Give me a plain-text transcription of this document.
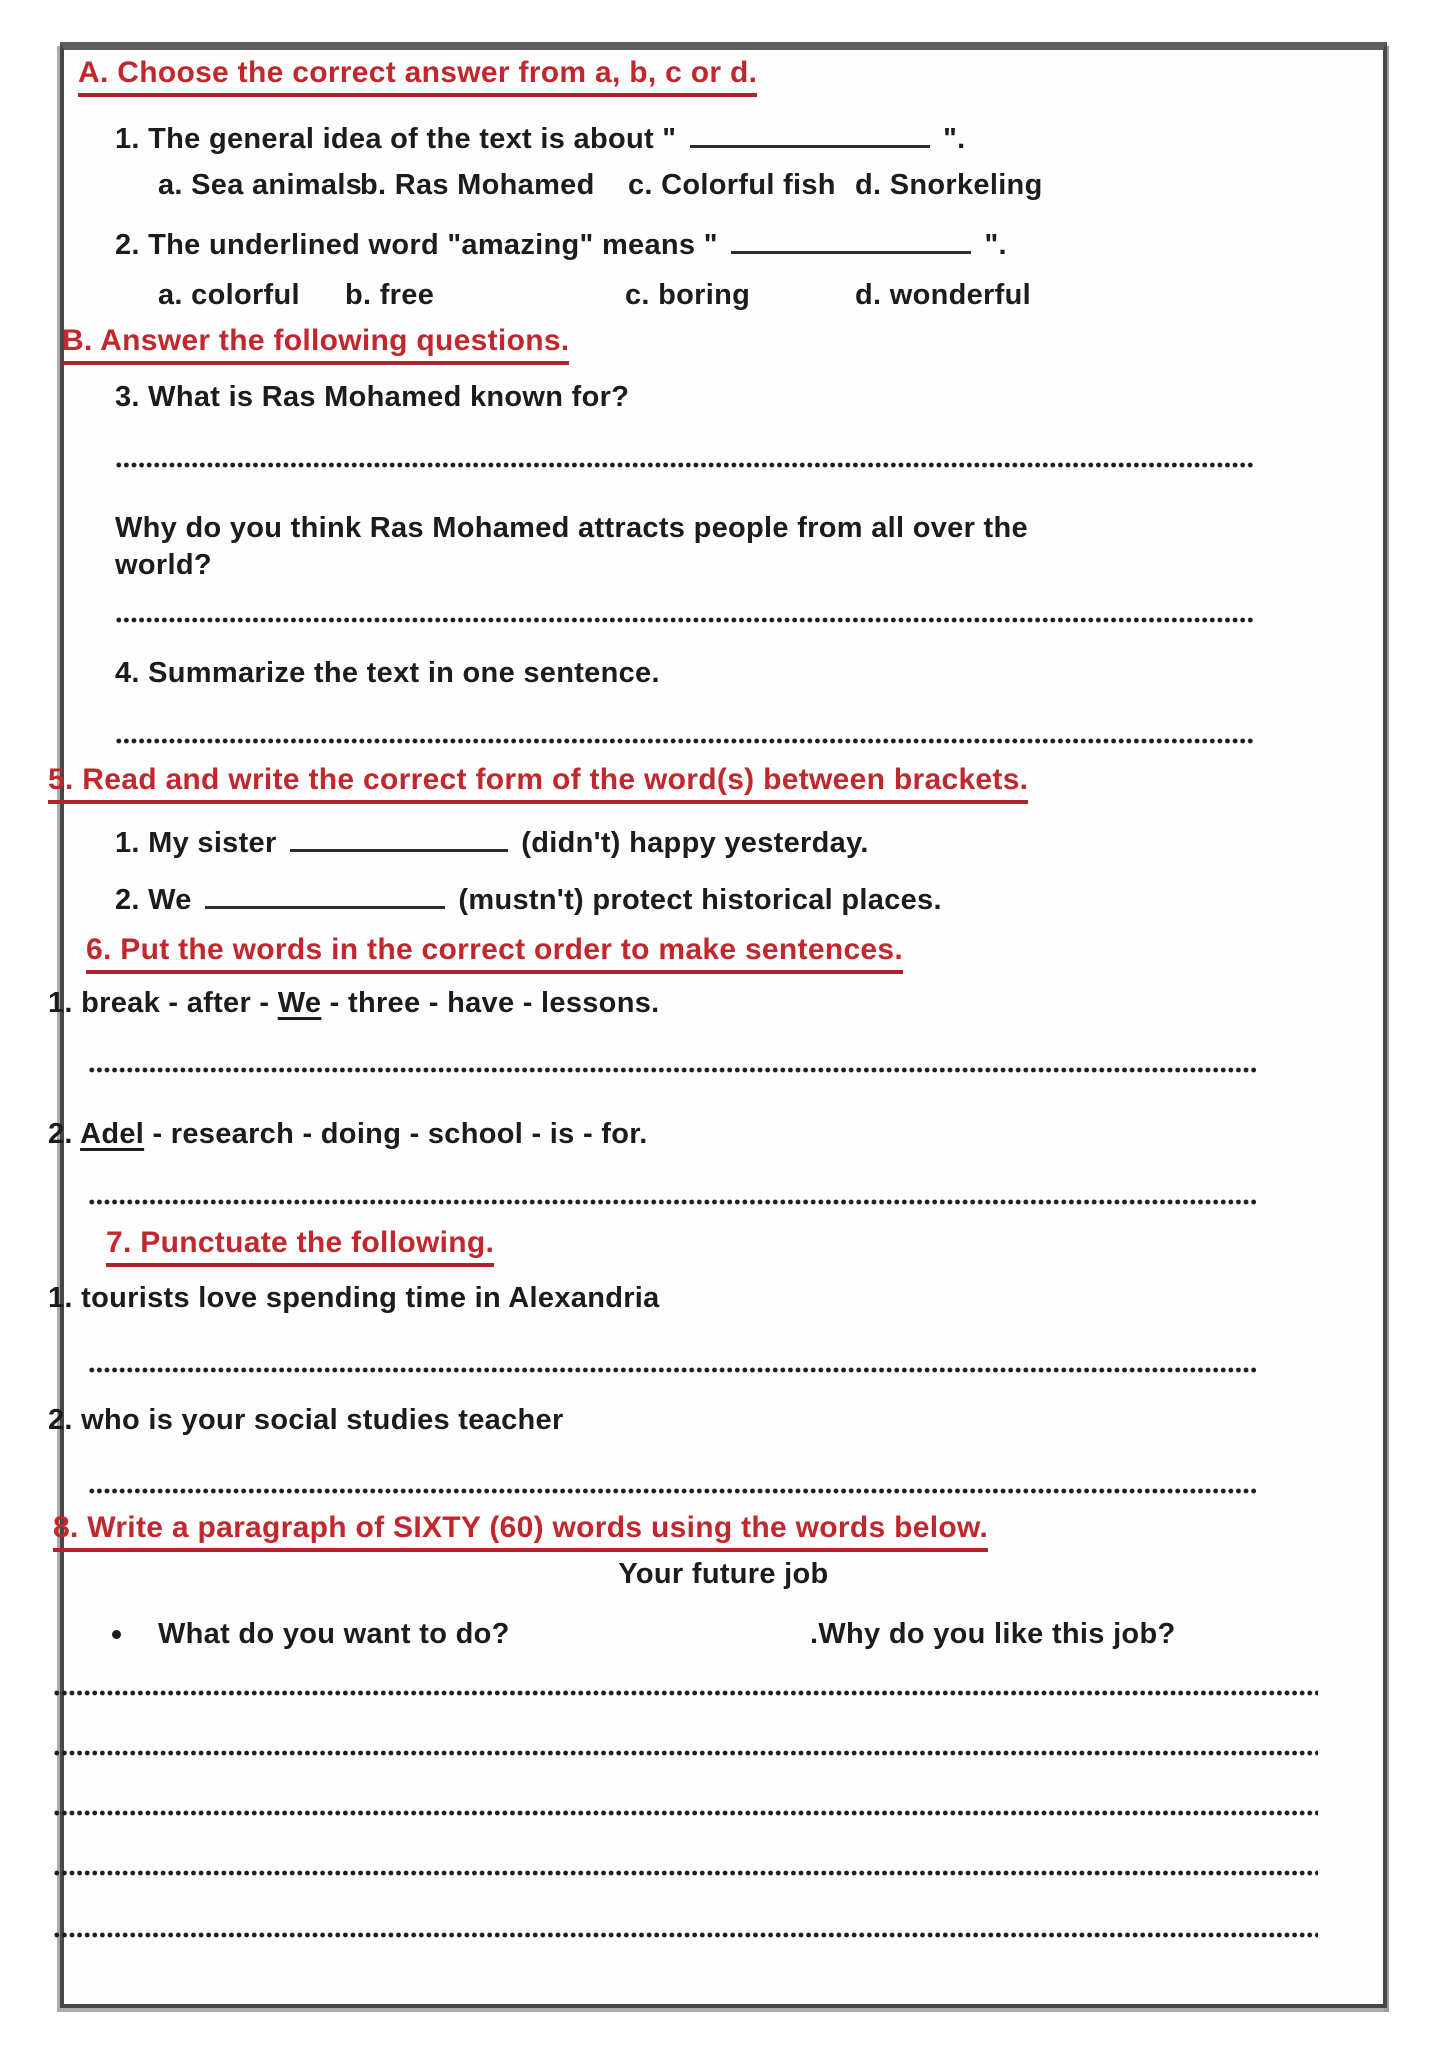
A. Choose the correct answer from a, b, c or d.
1. The general idea of the text is about "	".
a. Sea animals
b. Ras Mohamed	c. Colorful fish d. Snorkeling
2. The underlined word "amazing" means "	".
a. colorful	b. free	c. boring	d. wonderful
B. Answer the following questions.
3. What is Ras Mohamed known for?
Why do you think Ras Mohamed attracts people from all over the
world?
4. Summarize the text in one sentence.
5. Read and write the correct form of the word(s) between brackets.
1. My sister	(didn't) happy yesterday.
2. We	(mustn't) protect historical places.
6. Put the words in the correct order to make sentences.
1. break - after - We - three - have - lessons.
2. Adel - research - doing - school - is - for.
7. Punctuate the following.
1. tourists love spending time in Alexandria
2. who is your social studies teacher
8. Write a paragraph of SIXTY (60) words using the words below.
Your future job
What do you want to do?	.Why do you like this job?
